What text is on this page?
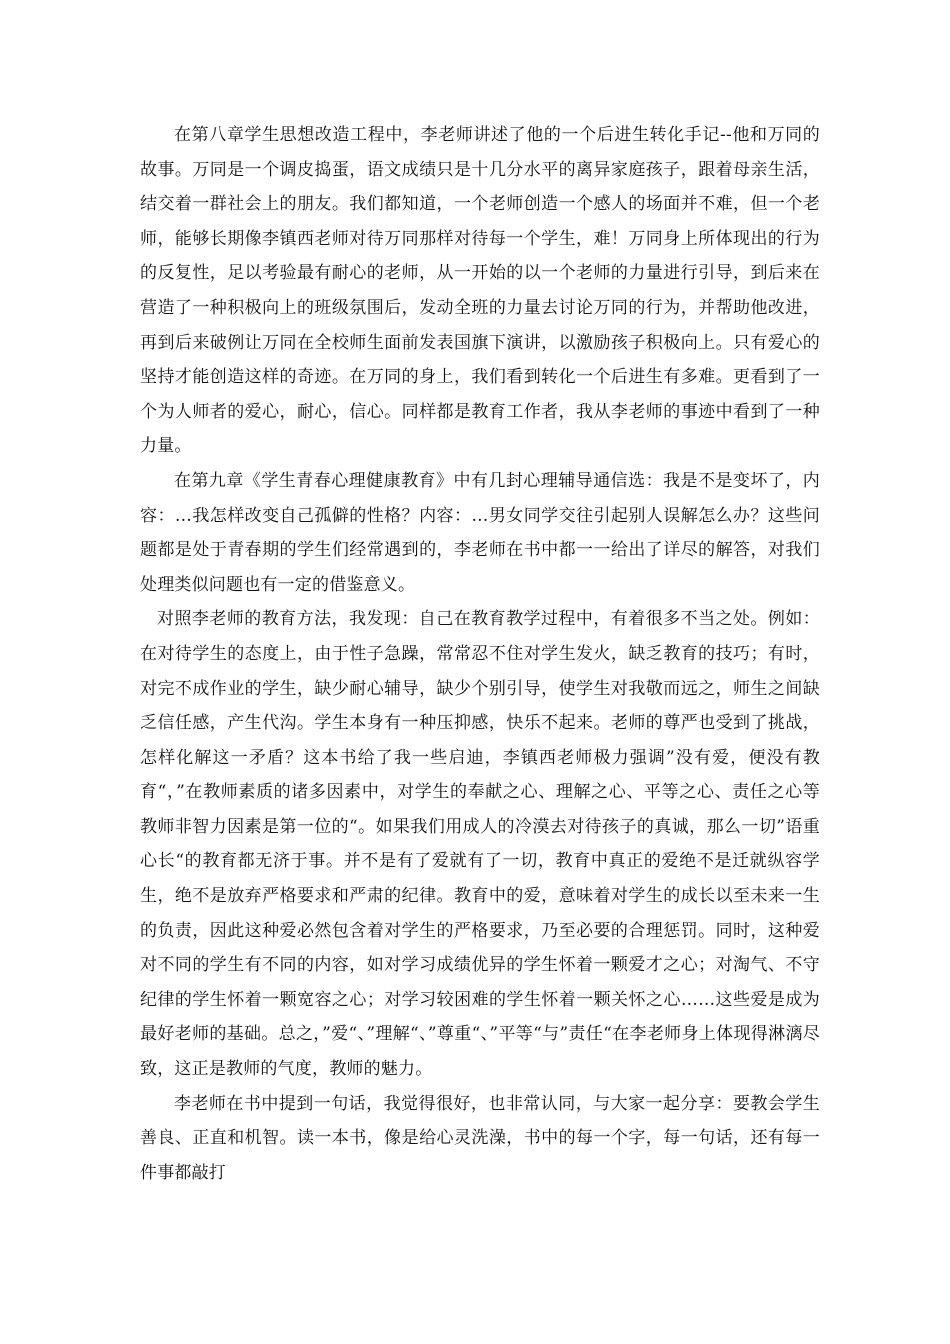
在第八章学生思想改造工程中，李老师讲述了他的一个后进生转化手记--他和万同的故事。万同是一个调皮捣蛋，语文成绩只是十几分水平的离异家庭孩子，跟着母亲生活，结交着一群社会上的朋友。我们都知道，一个老师创造一个感人的场面并不难，但一个老师，能够长期像李镇西老师对待万同那样对待每一个学生，难！万同身上所体现出的行为的反复性，足以考验最有耐心的老师，从一开始的以一个老师的力量进行引导，到后来在营造了一种积极向上的班级氛围后，发动全班的力量去讨论万同的行为，并帮助他改进，再到后来破例让万同在全校师生面前发表国旗下演讲，以激励孩子积极向上。只有爱心的坚持才能创造这样的奇迹。在万同的身上，我们看到转化一个后进生有多难。更看到了一个为人师者的爱心，耐心，信心。同样都是教育工作者，我从李老师的事迹中看到了一种力量。

在第九章《学生青春心理健康教育》中有几封心理辅导通信选：我是不是变坏了，内容：…我怎样改变自己孤僻的性格？内容：…男女同学交往引起别人误解怎么办？这些问题都是处于青春期的学生们经常遇到的，李老师在书中都一一给出了详尽的解答，对我们处理类似问题也有一定的借鉴意义。

对照李老师的教育方法，我发现：自己在教育教学过程中，有着很多不当之处。例如：在对待学生的态度上，由于性子急躁，常常忍不住对学生发火，缺乏教育的技巧；有时，对完不成作业的学生，缺少耐心辅导，缺少个别引导，使学生对我敬而远之，师生之间缺乏信任感，产生代沟。学生本身有一种压抑感，快乐不起来。老师的尊严也受到了挑战，怎样化解这一矛盾？这本书给了我一些启迪，李镇西老师极力强调”没有爱，便没有教育“，”在教师素质的诸多因素中，对学生的奉献之心、理解之心、平等之心、责任之心等教师非智力因素是第一位的“。如果我们用成人的冷漠去对待孩子的真诚，那么一切”语重心长“的教育都无济于事。并不是有了爱就有了一切，教育中真正的爱绝不是迁就纵容学生，绝不是放弃严格要求和严肃的纪律。教育中的爱，意味着对学生的成长以至未来一生的负责，因此这种爱必然包含着对学生的严格要求，乃至必要的合理惩罚。同时，这种爱对不同的学生有不同的内容，如对学习成绩优异的学生怀着一颗爱才之心；对淘气、不守纪律的学生怀着一颗宽容之心；对学习较困难的学生怀着一颗关怀之心……这些爱是成为最好老师的基础。总之，”爱“、”理解“、”尊重“、”平等“与”责任“在李老师身上体现得淋漓尽致，这正是教师的气度，教师的魅力。

李老师在书中提到一句话，我觉得很好，也非常认同，与大家一起分享：要教会学生善良、正直和机智。读一本书，像是给心灵洗澡，书中的每一个字，每一句话，还有每一件事都敲打
